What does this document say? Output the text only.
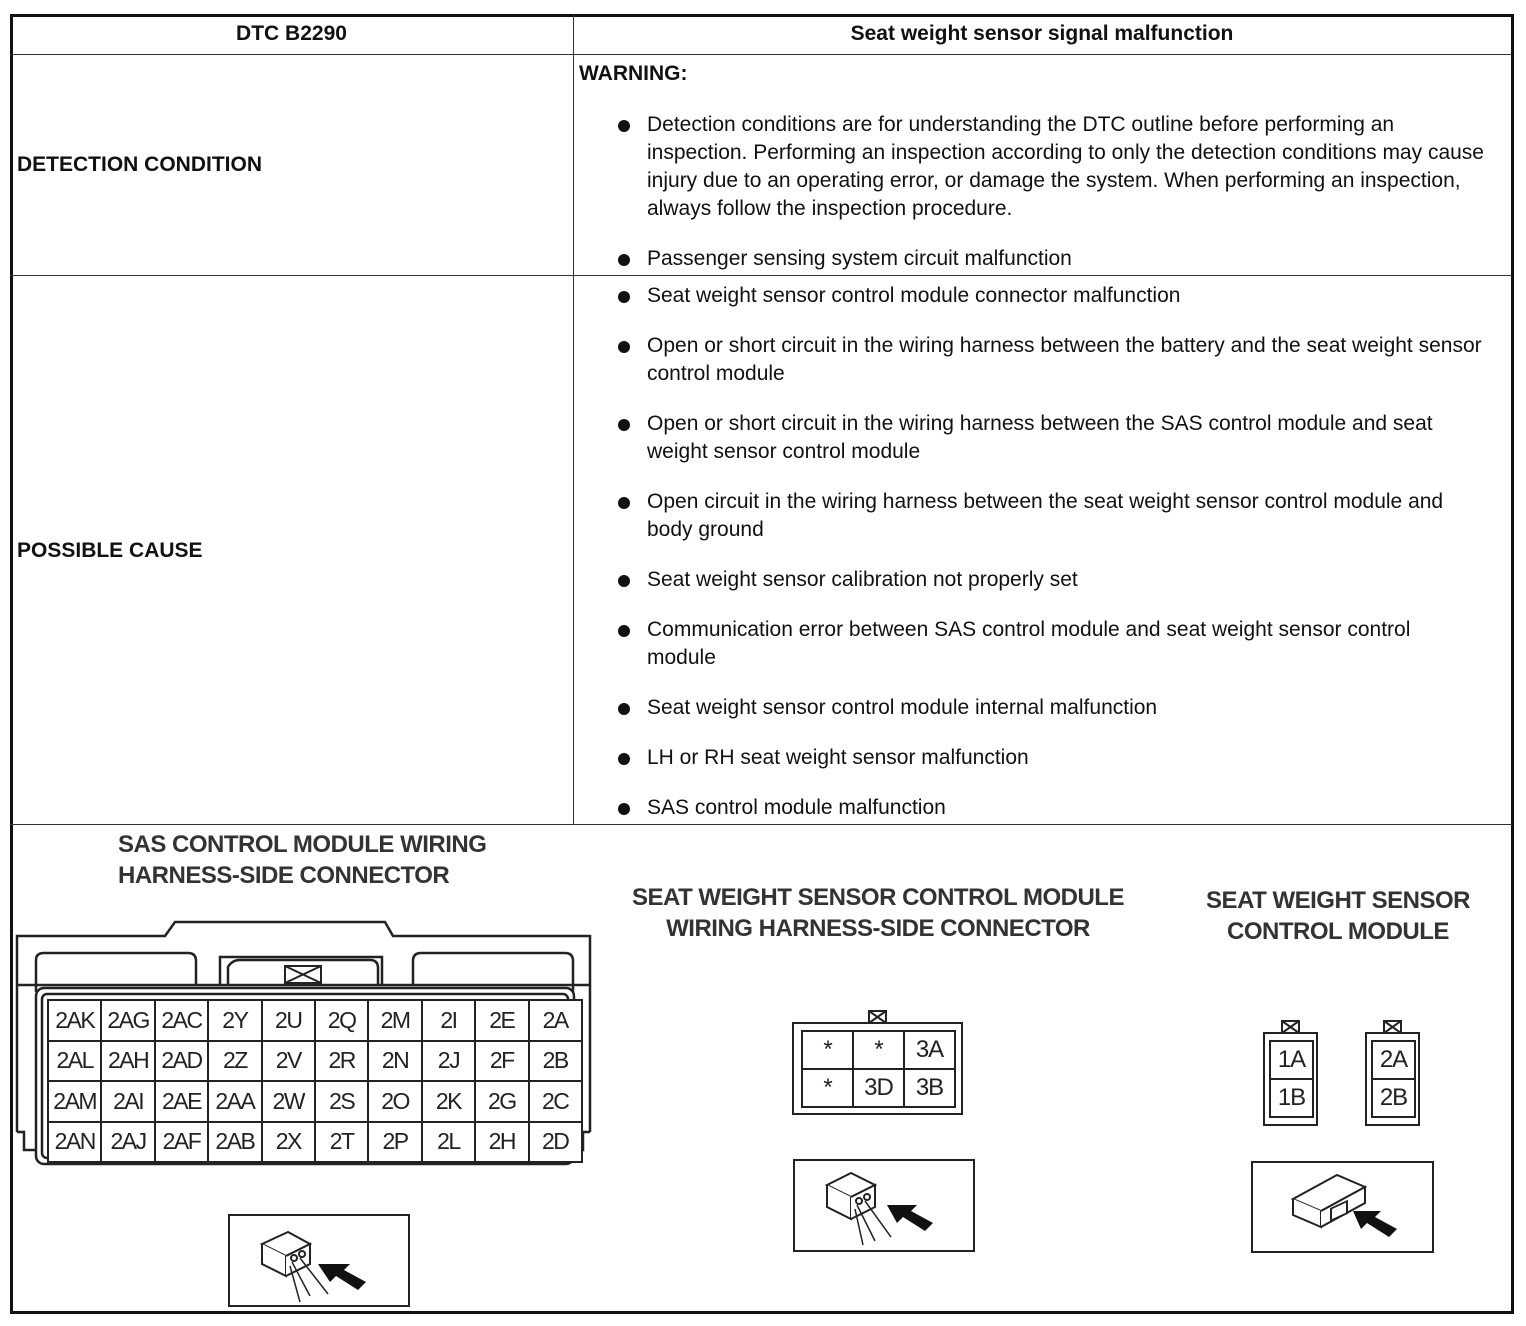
DTC B2290	Seat weight sensor signal malfunction
DETECTION CONDITION
WARNING:
Detection conditions are for understanding the DTC outline before performing an inspection. Performing an inspection according to only the detection conditions may cause injury due to an operating error, or damage the system. When performing an inspection, always follow the inspection procedure.
Passenger sensing system circuit malfunction
POSSIBLE CAUSE
Seat weight sensor control module connector malfunction
Open or short circuit in the wiring harness between the battery and the seat weight sensor control module
Open or short circuit in the wiring harness between the SAS control module and seat weight sensor control module
Open circuit in the wiring harness between the seat weight sensor control module and body ground
Seat weight sensor calibration not properly set
Communication error between SAS control module and seat weight sensor control module
Seat weight sensor control module internal malfunction
LH or RH seat weight sensor malfunction
SAS control module malfunction
SAS CONTROL MODULE WIRING
HARNESS-SIDE CONNECTOR
2AK 2AG 2AC 2Y	2U	2Q	2M	2I	2E	2A
2AL 2AH 2AD 2Z	2V	2R	2N	2J	2F	2B
2AM 2AI 2AE 2AA 2W	2S	2O	2K	2G	2C
2AN 2AJ 2AF 2AB 2X	2T	2P	2L	2H	2D
SEAT WEIGHT SENSOR CONTROL MODULE
WIRING HARNESS-SIDE CONNECTOR
*	*	3A
*	3D 3B
SEAT WEIGHT SENSOR
CONTROL MODULE
1A
1B
2A
2B
